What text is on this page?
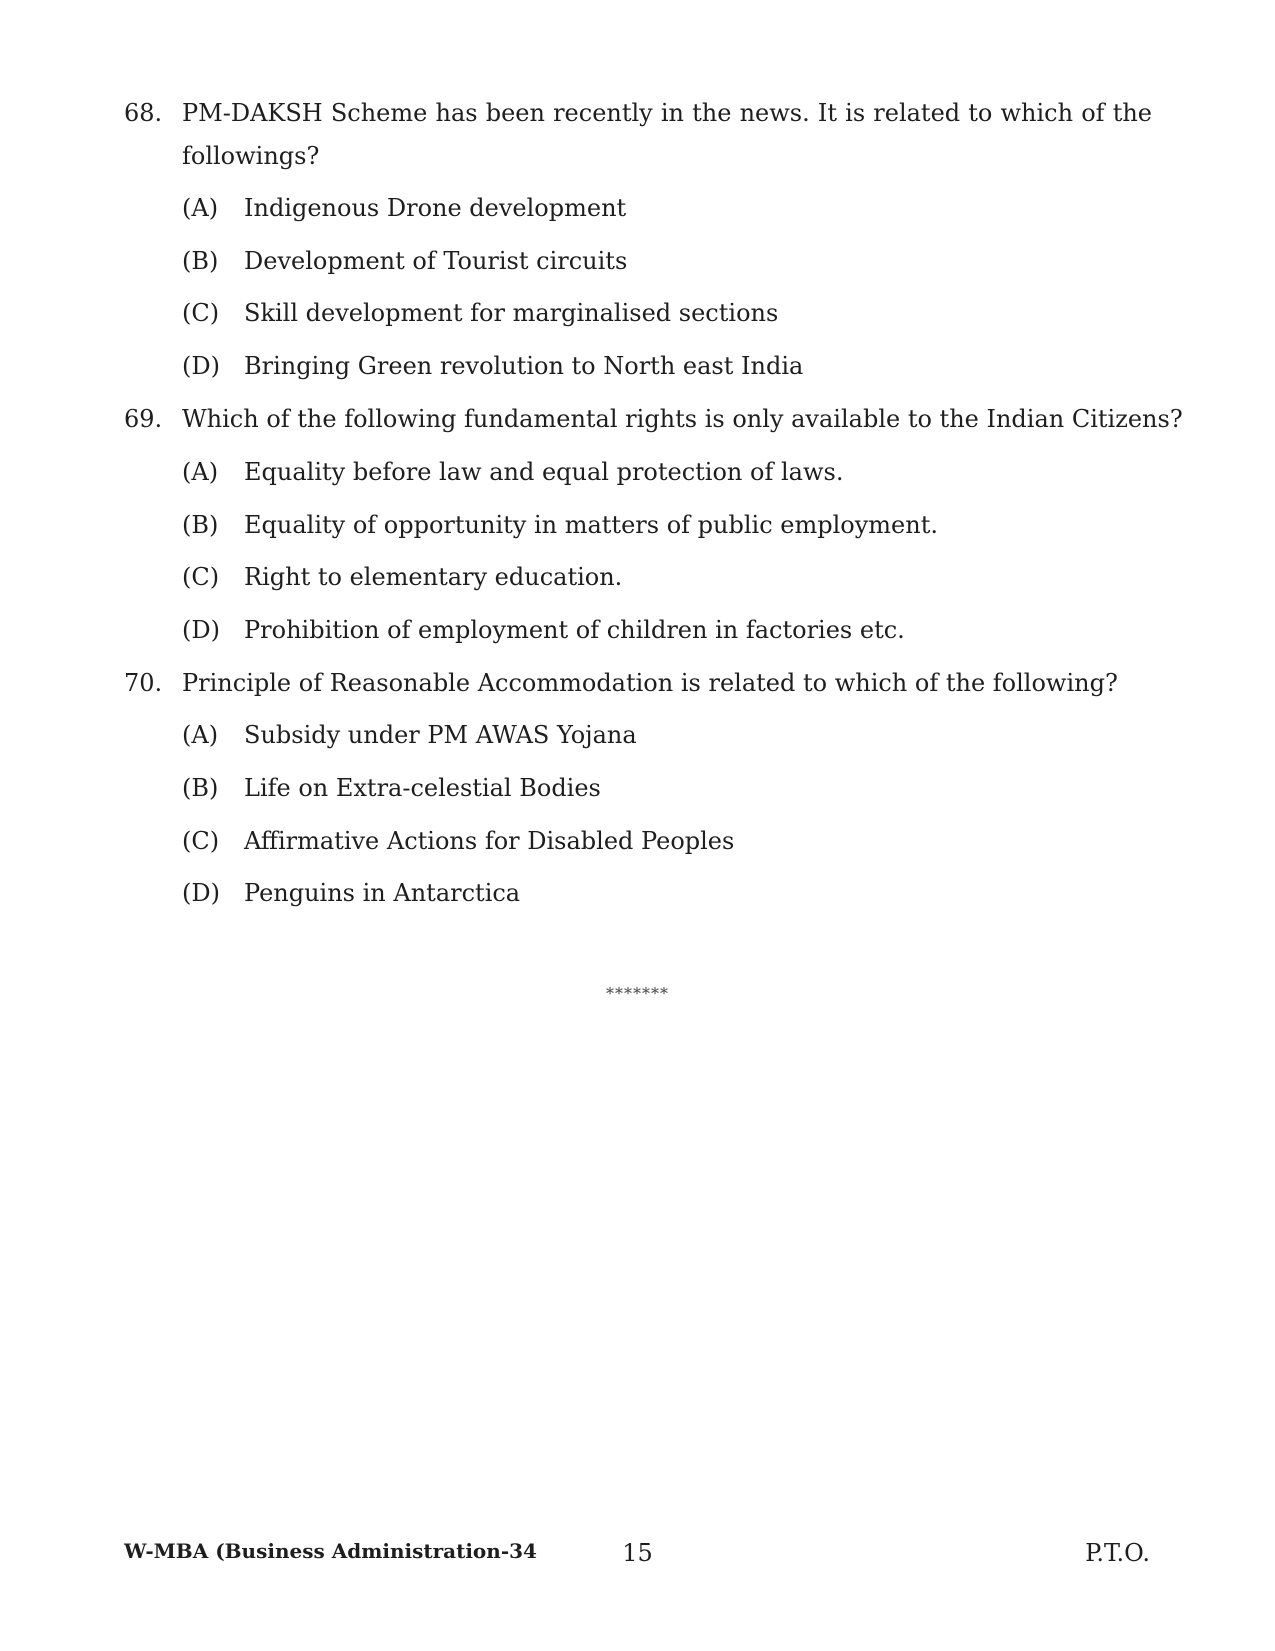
68. PM-DAKSH Scheme has been recently in the news. It is related to which of the
followings?
(A) Indigenous Drone development
(B) Development of Tourist circuits
(C) Skill development for marginalised sections
(D) Bringing Green revolution to North east India
69. Which of the following fundamental rights is only available to the Indian Citizens?
(A) Equality before law and equal protection of laws.
(B) Equality of opportunity in matters of public employment.
(C) Right to elementary education.
(D) Prohibition of employment of children in factories etc.
70. Principle of Reasonable Accommodation is related to which of the following?
(A) Subsidy under PM AWAS Yojana
(B) Life on Extra-celestial Bodies
(C) Affirmative Actions for Disabled Peoples
(D) Penguins in Antarctica
*******
W-MBA (Business Administration-34	15	P.T.O.
